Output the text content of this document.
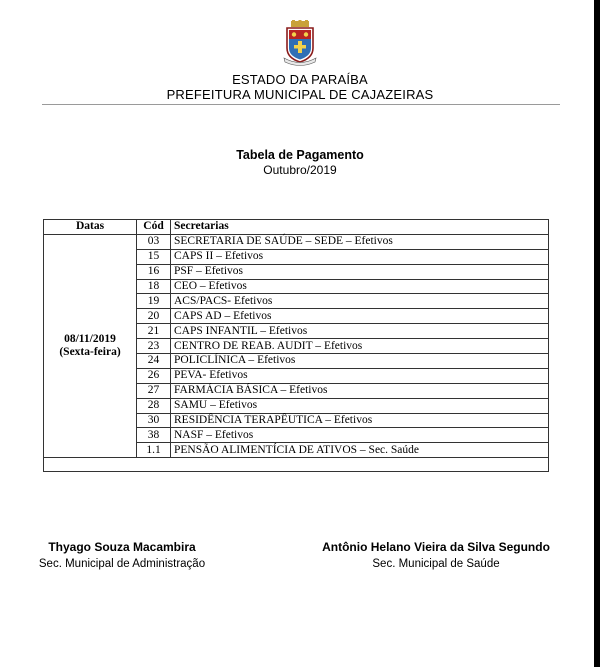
ESTADO DA PARAÍBA
PREFEITURA MUNICIPAL DE CAJAZEIRAS
Tabela de Pagamento
Outubro/2019
Datas	Cód	Secretarias

08/11/2019
(Sexta-feira)	03	SECRETARIA DE SAÚDE – SEDE – Efetivos
	15	CAPS II – Efetivos
	16	PSF – Efetivos
	18	CEO – Efetivos
	19	ACS/PACS- Efetivos
	20	CAPS AD – Efetivos
	21	CAPS INFANTIL – Efetivos
	23	CENTRO DE REAB. AUDIT – Efetivos
	24	POLICLÍNICA – Efetivos
	26	PEVA- Efetivos
	27	FARMÁCIA BÁSICA – Efetivos
	28	SAMU – Efetivos
	30	RESIDÊNCIA TERAPÊUTICA – Efetivos
	38	NASF – Efetivos
	1.1	PENSÃO ALIMENTÍCIA DE ATIVOS – Sec. Saúde

Thyago Souza Macambira
Sec. Municipal de Administração
Antônio Helano Vieira da Silva Segundo
Sec. Municipal de Saúde
